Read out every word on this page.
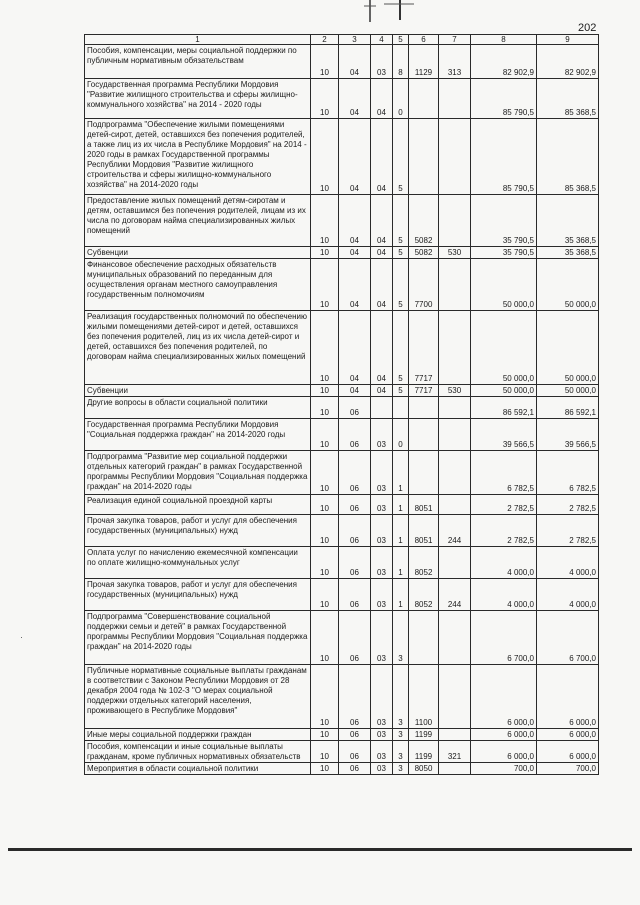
202
1	2	3	4	5	6	7	8	9
Пособия, компенсации, меры социальной поддержки по публичным нормативным обязательствам	10	04	03	8	1129	313	82 902,9	82 902,9
Государственная программа Республики Мордовия "Развитие жилищного строительства и сферы жилищно-коммунального хозяйства" на 2014 - 2020 годы	10	04	04	0			85 790,5	85 368,5
Подпрограмма "Обеспечение жилыми помещениями детей-сирот, детей, оставшихся без попечения родителей, а также лиц из их числа в Республике Мордовия" на 2014 - 2020 годы в рамках Государственной программы Республики Мордовия "Развитие жилищного строительства и сферы жилищно-коммунального хозяйства" на 2014-2020 годы	10	04	04	5			85 790,5	85 368,5
Предоставление жилых помещений детям-сиротам и детям, оставшимся без попечения родителей, лицам из их числа по договорам найма специализированных жилых помещений	10	04	04	5	5082		35 790,5	35 368,5
Субвенции	10	04	04	5	5082	530	35 790,5	35 368,5
Финансовое обеспечение расходных обязательств муниципальных образований по переданным для осуществления органам местного самоуправления государственным полномочиям	10	04	04	5	7700		50 000,0	50 000,0
Реализация государственных полномочий по обеспечению жилыми помещениями детей-сирот и детей, оставшихся без попечения родителей, лиц из их числа детей-сирот и детей, оставшихся без попечения родителей, по договорам найма специализированных жилых помещений	10	04	04	5	7717		50 000,0	50 000,0
Субвенции	10	04	04	5	7717	530	50 000,0	50 000,0
Другие вопросы в области социальной политики	10	06					86 592,1	86 592,1
Государственная программа Республики Мордовия "Социальная поддержка граждан" на 2014-2020 годы	10	06	03	0			39 566,5	39 566,5
Подпрограмма "Развитие мер социальной поддержки отдельных категорий граждан" в рамках Государственной программы Республики Мордовия "Социальная поддержка граждан" на 2014-2020 годы	10	06	03	1			6 782,5	6 782,5
Реализация единой социальной проездной карты	10	06	03	1	8051		2 782,5	2 782,5
Прочая закупка товаров, работ и услуг для обеспечения государственных (муниципальных) нужд	10	06	03	1	8051	244	2 782,5	2 782,5
Оплата услуг по начислению ежемесячной компенсации по оплате жилищно-коммунальных услуг	10	06	03	1	8052		4 000,0	4 000,0
Прочая закупка товаров, работ и услуг для обеспечения государственных (муниципальных) нужд	10	06	03	1	8052	244	4 000,0	4 000,0
Подпрограмма "Совершенствование социальной поддержки семьи и детей" в рамках Государственной программы Республики Мордовия "Социальная поддержка граждан" на 2014-2020 годы	10	06	03	3			6 700,0	6 700,0
Публичные нормативные социальные выплаты гражданам в соответствии с Законом Республики Мордовия от 28 декабря 2004 года № 102-З "О мерах социальной поддержки отдельных категорий населения, проживающего в Республике Мордовия"	10	06	03	3	1100		6 000,0	6 000,0
Иные меры социальной поддержки граждан	10	06	03	3	1199		6 000,0	6 000,0
Пособия, компенсации и иные социальные выплаты гражданам, кроме публичных нормативных обязательств	10	06	03	3	1199	321	6 000,0	6 000,0
Мероприятия в области социальной политики	10	06	03	3	8050		700,0	700,0
·
